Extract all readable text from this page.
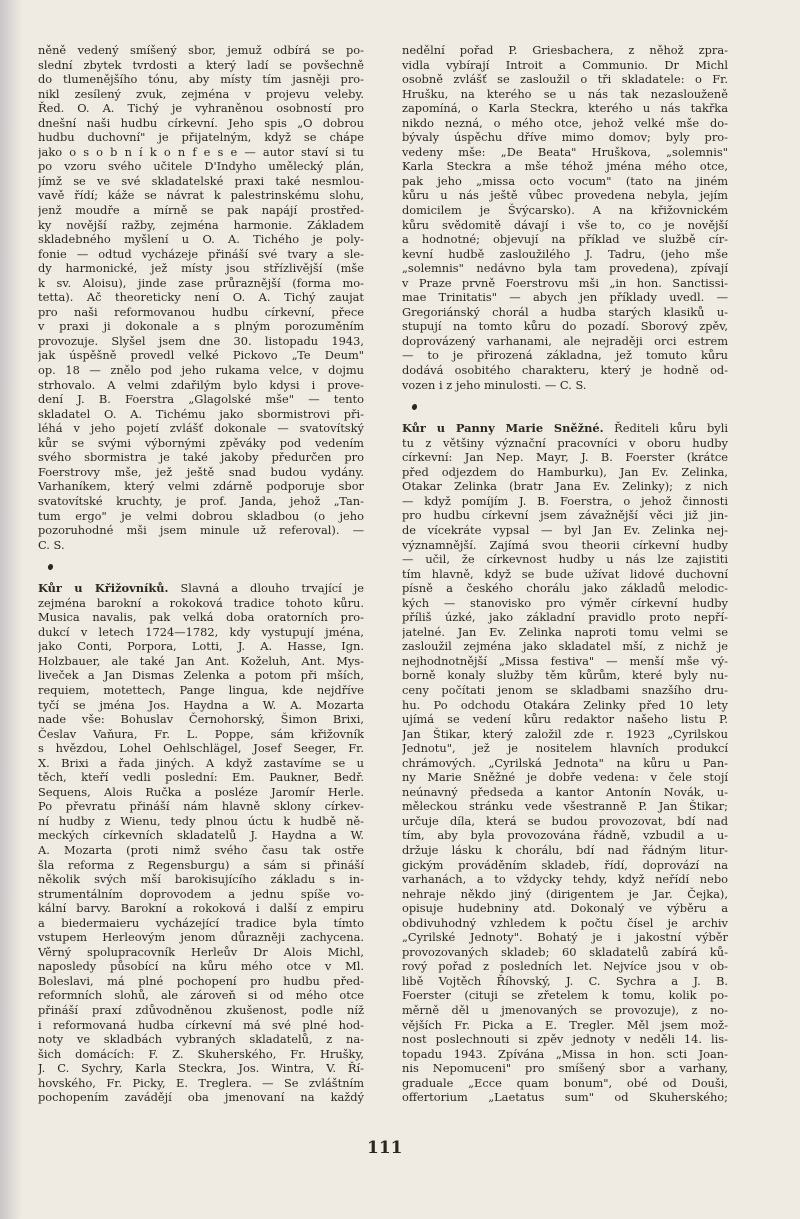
něně vedený smíšený sbor, jemuž odbírá se po-
slední zbytek tvrdosti a který ladí se povšechně
do tlumenějšího tónu, aby místy tím jasněji pro-
nikl zesílený zvuk, zejména v projevu veleby.
Řed. O. A. Tichý je vyhraněnou osobností pro
dnešní naši hudbu církevní. Jeho spis „O dobrou
hudbu duchovní" je přijatelným, když se chápe
jako o s o b n í k o n f e s e — autor staví si tu
po vzoru svého učitele D'Indyho umělecký plán,
jímž se ve své skladatelské praxi také nesmlou-
vavě řídí; káže se návrat k palestrinskému slohu,
jenž moudře a mírně se pak napájí prostřed-
ky novější ražby, zejména harmonie. Základem
skladebného myšlení u O. A. Tichého je poly-
fonie — odtud vycházeje přináší své tvary a sle-
dy harmonické, jež místy jsou střízlivější (mše
k sv. Aloisu), jinde zase průraznější (forma mo-
tetta). Ač theoreticky není O. A. Tichý zaujat
pro naši reformovanou hudbu církevní, přece
v praxi ji dokonale a s plným porozuměním
provozuje. Slyšel jsem dne 30. listopadu 1943,
jak úspěšně provedl velké Pickovo „Te Deum"
op. 18 — znělo pod jeho rukama velce, v dojmu
strhovalo. A velmi zdařilým bylo kdysi i prove-
dení J. B. Foerstra „Glagolské mše" — tento
skladatel O. A. Tichému jako sbormistrovi při-
léhá v jeho pojetí zvlášť dokonale — svatovítský
kůr se svými výbornými zpěváky pod vedením
svého sbormistra je také jakoby předurčen pro
Foerstrovy mše, jež ještě snad budou vydány.
Varhaníkem, který velmi zdárně podporuje sbor
svatovítské kruchty, je prof. Janda, jehož „Tan-
tum ergo" je velmi dobrou skladbou (o jeho
pozoruhodné mši jsem minule už referoval). —
C. S.
Kůr u Křižovníků. Slavná a dlouho trvající je
zejména barokní a rokoková tradice tohoto kůru.
Musica navalis, pak velká doba oratorních pro-
dukcí v letech 1724—1782, kdy vystupují jména,
jako Conti, Porpora, Lotti, J. A. Hasse, Ign.
Holzbauer, ale také Jan Ant. Koželuh, Ant. Mys-
liveček a Jan Dismas Zelenka a potom při mších,
requiem, motettech, Pange lingua, kde nejdříve
tyčí se jména Jos. Haydna a W. A. Mozarta
nade vše: Bohuslav Černohorský, Šimon Brixi,
Česlav Vaňura, Fr. L. Poppe, sám křižovník
s hvězdou, Lohel Oehlschlägel, Josef Seeger, Fr.
X. Brixi a řada jiných. A když zastavíme se u
těch, kteří vedli poslední: Em. Paukner, Bedř.
Sequens, Alois Ručka a posléze Jaromír Herle.
Po převratu přináší nám hlavně sklony církev-
ní hudby z Wienu, tedy plnou úctu k hudbě ně-
meckých církevních skladatelů J. Haydna a W.
A. Mozarta (proti nimž svého času tak ostře
šla reforma z Regensburgu) a sám si přináší
několik svých mší barokisujícího základu s in-
strumentálním doprovodem a jednu spíše vo-
kální barvy. Barokní a rokoková i další z empiru
a biedermaieru vycházející tradice byla tímto
vstupem Herleovým jenom důrazněji zachycena.
Věrný spolupracovník Herleův Dr Alois Michl,
naposledy působící na kůru mého otce v Ml.
Boleslavi, má plné pochopení pro hudbu před-
reformních slohů, ale zároveň si od mého otce
přináší praxí zdůvodněnou zkušenost, podle níž
i reformovaná hudba církevní má své plné hod-
noty ve skladbách vybraných skladatelů, z na-
šich domácích: F. Z. Skuherského, Fr. Hrušky,
J. C. Sychry, Karla Steckra, Jos. Wintra, V. Ří-
hovského, Fr. Picky, E. Treglera. — Se zvláštním
pochopením zavádějí oba jmenovaní na každý
nedělní pořad P. Griesbachera, z něhož zpra-
vidla vybírají Introit a Communio. Dr Michl
osobně zvlášť se zasloužil o tři skladatele: o Fr.
Hrušku, na kterého se u nás tak nezaslouženě
zapomíná, o Karla Steckra, kterého u nás takřka
nikdo nezná, o mého otce, jehož velké mše do-
bývaly úspěchu dříve mimo domov; byly pro-
vedeny mše: „De Beata" Hruškova, „solemnis"
Karla Steckra a mše téhož jména mého otce,
pak jeho „missa octo vocum" (tato na jiném
kůru u nás ještě vůbec provedena nebyla, jejím
domicilem je Švýcarsko). A na křižovnickém
kůru svědomitě dávají i vše to, co je novější
a hodnotné; objevují na příklad ve službě cír-
kevní hudbě zasloužilého J. Tadru, (jeho mše
„solemnis" nedávno byla tam provedena), zpívají
v Praze prvně Foerstrovu mši „in hon. Sanctissi-
mae Trinitatis" — abych jen příklady uvedl. —
Gregoriánský chorál a hudba starých klasiků u-
stupují na tomto kůru do pozadí. Sborový zpěv,
doprovázený varhanami, ale nejraději orci estrem
— to je přirozená základna, jež tomuto kůru
dodává osobitého charakteru, který je hodně od-
vozen i z jeho minulosti. — C. S.
Kůr u Panny Marie Sněžné. Řediteli kůru byli
tu z většiny význační pracovníci v oboru hudby
církevní: Jan Nep. Mayr, J. B. Foerster (krátce
před odjezdem do Hamburku), Jan Ev. Zelinka,
Otakar Zelinka (bratr Jana Ev. Zelinky); z nich
— když pomíjím J. B. Foerstra, o jehož činnosti
pro hudbu církevní jsem závažnější věci již jin-
de vícekráte vypsal — byl Jan Ev. Zelinka nej-
významnější. Zajímá svou theorii církevní hudby
— učil, že církevnost hudby u nás lze zajistiti
tím hlavně, když se bude užívat lidové duchovní
písně a českého chorálu jako základů melodic-
kých — stanovisko pro výměr církevní hudby
příliš úzké, jako základní pravidlo proto nepří-
jatelné. Jan Ev. Zelinka naproti tomu velmi se
zasloužil zejména jako skladatel mší, z nichž je
nejhodnotnější „Missa festiva" — menší mše vý-
borně konaly služby těm kůrům, které byly nu-
ceny počítati jenom se skladbami snazšího dru-
hu. Po odchodu Otakára Zelinky před 10 lety
ujímá se vedení kůru redaktor našeho listu P.
Jan Štikar, který založil zde r. 1923 „Cyrilskou
Jednotu", jež je nositelem hlavních produkcí
chrámových. „Cyrilská Jednota" na kůru u Pan-
ny Marie Sněžné je dobře vedena: v čele stojí
neúnavný předseda a kantor Antonín Novák, u-
měleckou stránku vede všestranně P. Jan Štikar;
určuje díla, která se budou provozovat, bdí nad
tím, aby byla provozována řádně, vzbudil a u-
držuje lásku k chorálu, bdí nad řádným litur-
gickým prováděním skladeb, řídí, doprovází na
varhanách, a to vždycky tehdy, když neřídí nebo
nehraje někdo jiný (dirigentem je Jar. Čejka),
opisuje hudebniny atd. Dokonalý ve výběru a
obdivuhodný vzhledem k počtu čísel je archiv
„Cyrilské Jednoty". Bohatý je i jakostní výběr
provozovaných skladeb; 60 skladatelů zabírá ků-
rový pořad z posledních let. Nejvíce jsou v ob-
libě Vojtěch Říhovský, J. C. Sychra a J. B.
Foerster (cituji se zřetelem k tomu, kolik po-
měrně děl u jmenovaných se provozuje), z no-
vějších Fr. Picka a E. Tregler. Měl jsem mož-
nost poslechnouti si zpěv jednoty v neděli 14. lis-
topadu 1943. Zpívána „Missa in hon. scti Joan-
nis Nepomuceni" pro smíšený sbor a varhany,
graduale „Ecce quam bonum", obé od Douši,
offertorium „Laetatus sum" od Skuherského;
111
